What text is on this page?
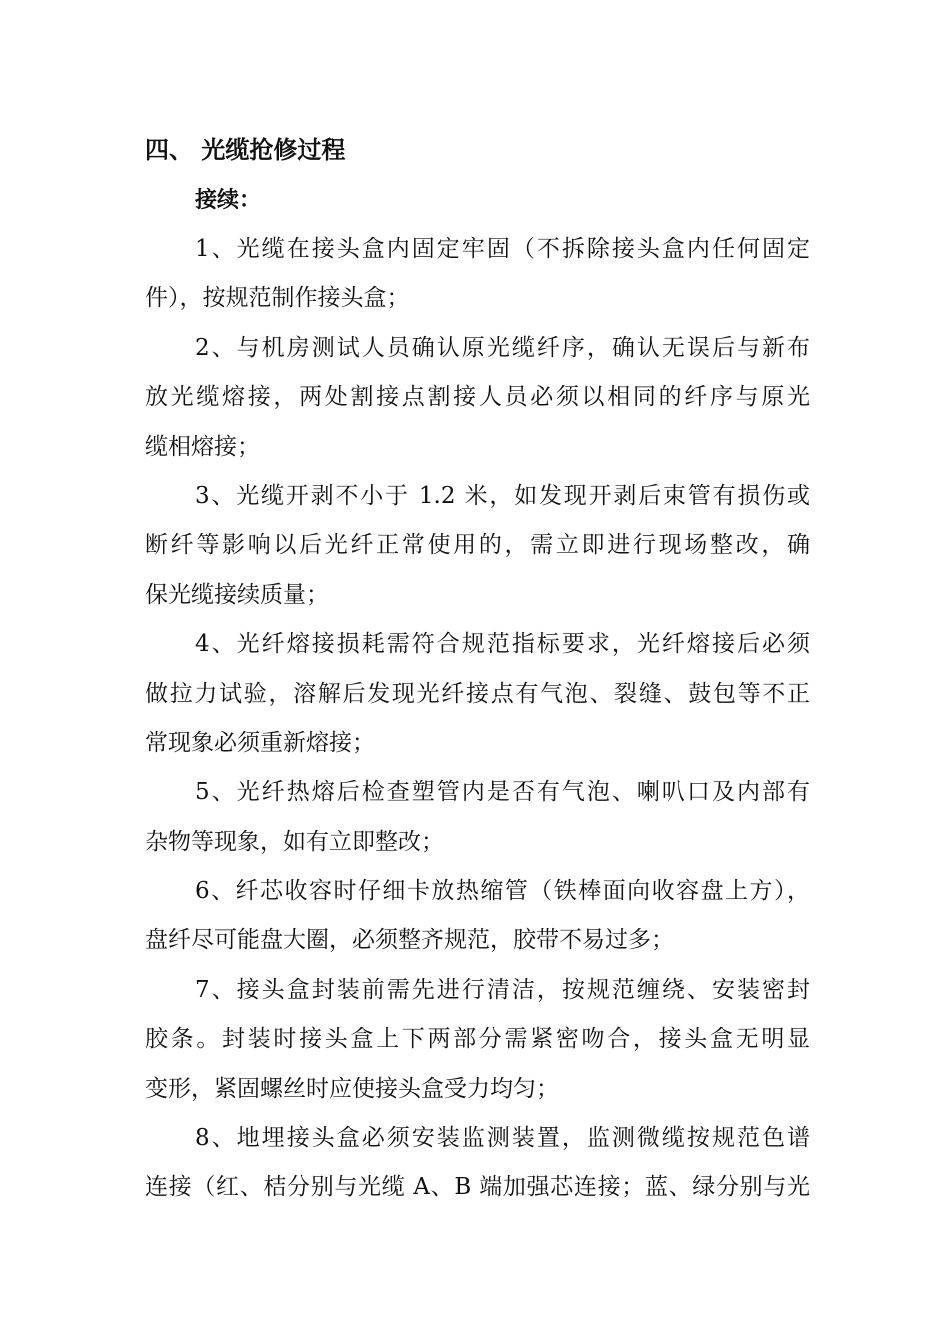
四、 光缆抢修过程
接续：
1、光缆在接头盒内固定牢固（不拆除接头盒内任何固定
件），按规范制作接头盒；
2、与机房测试人员确认原光缆纤序，确认无误后与新布
放光缆熔接，两处割接点割接人员必须以相同的纤序与原光
缆相熔接；
3、光缆开剥不小于 1.2 米，如发现开剥后束管有损伤或
断纤等影响以后光纤正常使用的，需立即进行现场整改，确
保光缆接续质量；
4、光纤熔接损耗需符合规范指标要求，光纤熔接后必须
做拉力试验，溶解后发现光纤接点有气泡、裂缝、鼓包等不正
常现象必须重新熔接；
5、光纤热熔后检查塑管内是否有气泡、喇叭口及内部有
杂物等现象，如有立即整改；
6、纤芯收容时仔细卡放热缩管（铁棒面向收容盘上方），
盘纤尽可能盘大圈，必须整齐规范，胶带不易过多；
7、接头盒封装前需先进行清洁，按规范缠绕、安装密封
胶条。封装时接头盒上下两部分需紧密吻合，接头盒无明显
变形，紧固螺丝时应使接头盒受力均匀；
8、地埋接头盒必须安装监测装置，监测微缆按规范色谱
连接（红、桔分别与光缆 A、B 端加强芯连接；蓝、绿分别与光
